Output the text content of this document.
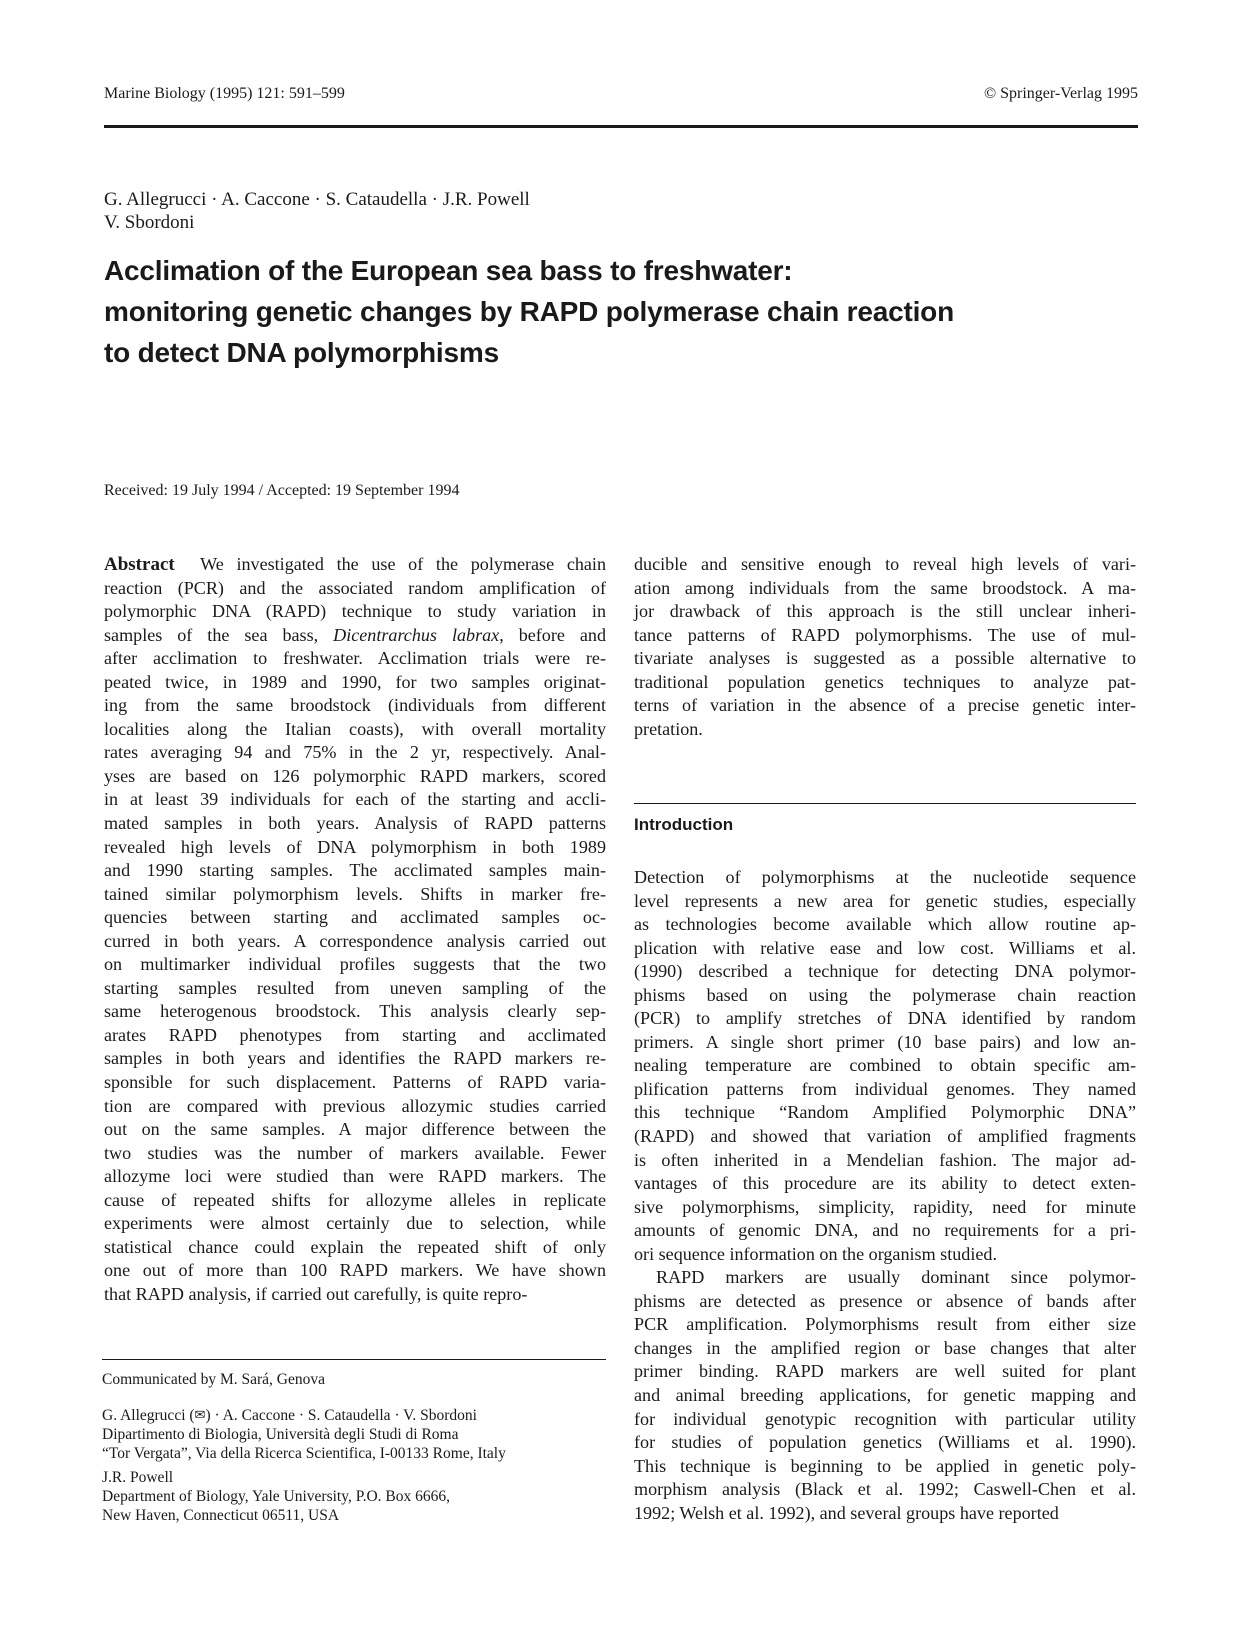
Marine Biology (1995) 121: 591–599	© Springer-Verlag 1995
G. Allegrucci · A. Caccone · S. Cataudella · J.R. Powell
V. Sbordoni
Acclimation of the European sea bass to freshwater:
monitoring genetic changes by RAPD polymerase chain reaction
to detect DNA polymorphisms
Received: 19 July 1994 / Accepted: 19 September 1994
Abstract We investigated the use of the polymerase chain
reaction (PCR) and the associated random amplification of
polymorphic DNA (RAPD) technique to study variation in
samples of the sea bass, Dicentrarchus labrax, before and
after acclimation to freshwater. Acclimation trials were re-
peated twice, in 1989 and 1990, for two samples originat-
ing from the same broodstock (individuals from different
localities along the Italian coasts), with overall mortality
rates averaging 94 and 75% in the 2 yr, respectively. Anal-
yses are based on 126 polymorphic RAPD markers, scored
in at least 39 individuals for each of the starting and accli-
mated samples in both years. Analysis of RAPD patterns
revealed high levels of DNA polymorphism in both 1989
and 1990 starting samples. The acclimated samples main-
tained similar polymorphism levels. Shifts in marker fre-
quencies between starting and acclimated samples oc-
curred in both years. A correspondence analysis carried out
on multimarker individual profiles suggests that the two
starting samples resulted from uneven sampling of the
same heterogenous broodstock. This analysis clearly sep-
arates RAPD phenotypes from starting and acclimated
samples in both years and identifies the RAPD markers re-
sponsible for such displacement. Patterns of RAPD varia-
tion are compared with previous allozymic studies carried
out on the same samples. A major difference between the
two studies was the number of markers available. Fewer
allozyme loci were studied than were RAPD markers. The
cause of repeated shifts for allozyme alleles in replicate
experiments were almost certainly due to selection, while
statistical chance could explain the repeated shift of only
one out of more than 100 RAPD markers. We have shown
that RAPD analysis, if carried out carefully, is quite repro-
ducible and sensitive enough to reveal high levels of vari-
ation among individuals from the same broodstock. A ma-
jor drawback of this approach is the still unclear inheri-
tance patterns of RAPD polymorphisms. The use of mul-
tivariate analyses is suggested as a possible alternative to
traditional population genetics techniques to analyze pat-
terns of variation in the absence of a precise genetic inter-
pretation.
Introduction
Detection of polymorphisms at the nucleotide sequence
level represents a new area for genetic studies, especially
as technologies become available which allow routine ap-
plication with relative ease and low cost. Williams et al.
(1990) described a technique for detecting DNA polymor-
phisms based on using the polymerase chain reaction
(PCR) to amplify stretches of DNA identified by random
primers. A single short primer (10 base pairs) and low an-
nealing temperature are combined to obtain specific am-
plification patterns from individual genomes. They named
this technique “Random Amplified Polymorphic DNA”
(RAPD) and showed that variation of amplified fragments
is often inherited in a Mendelian fashion. The major ad-
vantages of this procedure are its ability to detect exten-
sive polymorphisms, simplicity, rapidity, need for minute
amounts of genomic DNA, and no requirements for a pri-
ori sequence information on the organism studied.
RAPD markers are usually dominant since polymor-
phisms are detected as presence or absence of bands after
PCR amplification. Polymorphisms result from either size
changes in the amplified region or base changes that alter
primer binding. RAPD markers are well suited for plant
and animal breeding applications, for genetic mapping and
for individual genotypic recognition with particular utility
for studies of population genetics (Williams et al. 1990).
This technique is beginning to be applied in genetic poly-
morphism analysis (Black et al. 1992; Caswell-Chen et al.
1992; Welsh et al. 1992), and several groups have reported
Communicated by M. Sará, Genova
G. Allegrucci (✉) · A. Caccone · S. Cataudella · V. Sbordoni
Dipartimento di Biologia, Università degli Studi di Roma
“Tor Vergata”, Via della Ricerca Scientifica, I-00133 Rome, Italy
J.R. Powell
Department of Biology, Yale University, P.O. Box 6666,
New Haven, Connecticut 06511, USA
